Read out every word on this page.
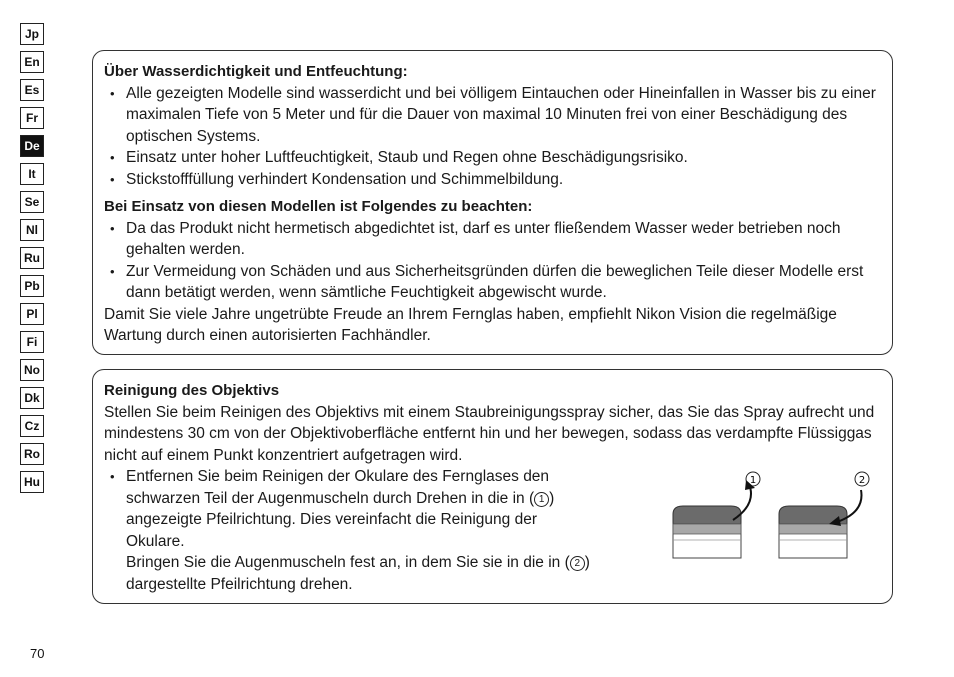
Jp
En
Es
Fr
De
It
Se
Nl
Ru
Pb
Pl
Fi
No
Dk
Cz
Ro
Hu
Über Wasserdichtigkeit und Entfeuchtung:
• Alle gezeigten Modelle sind wasserdicht und bei völligem Eintauchen oder Hineinfallen in Wasser bis zu einer maximalen Tiefe von 5 Meter und für die Dauer von maximal 10 Minuten frei von einer Beschädigung des optischen Systems.
• Einsatz unter hoher Luftfeuchtigkeit, Staub und Regen ohne Beschädigungsrisiko.
• Stickstofffüllung verhindert Kondensation und Schimmelbildung.
Bei Einsatz von diesen Modellen ist Folgendes zu beachten:
• Da das Produkt nicht hermetisch abgedichtet ist, darf es unter fließendem Wasser weder betrieben noch gehalten werden.
• Zur Vermeidung von Schäden und aus Sicherheitsgründen dürfen die beweglichen Teile dieser Modelle erst dann betätigt werden, wenn sämtliche Feuchtigkeit abgewischt wurde.

Damit Sie viele Jahre ungetrübte Freude an Ihrem Fernglas haben, empfiehlt Nikon Vision die regelmäßige Wartung durch einen autorisierten Fachhändler.

Reinigung des Objektivs

Stellen Sie beim Reinigen des Objektivs mit einem Staubreinigungsspray sicher, das Sie das Spray aufrecht und mindestens 30 cm von der Objektivoberfläche entfernt hin und her bewegen, sodass das verdampfte Flüssiggas nicht auf einem Punkt konzentriert aufgetragen wird.

• Entfernen Sie beim Reinigen der Okulare des Fernglases den schwarzen Teil der Augenmuscheln durch Drehen in die in ( 1 ) angezeigte Pfeilrichtung. Dies vereinfacht die Reinigung der Okulare.
Bringen Sie die Augenmuscheln fest an, in dem Sie sie in die in ( 2 ) dargestellte Pfeilrichtung drehen.
1	2
70
